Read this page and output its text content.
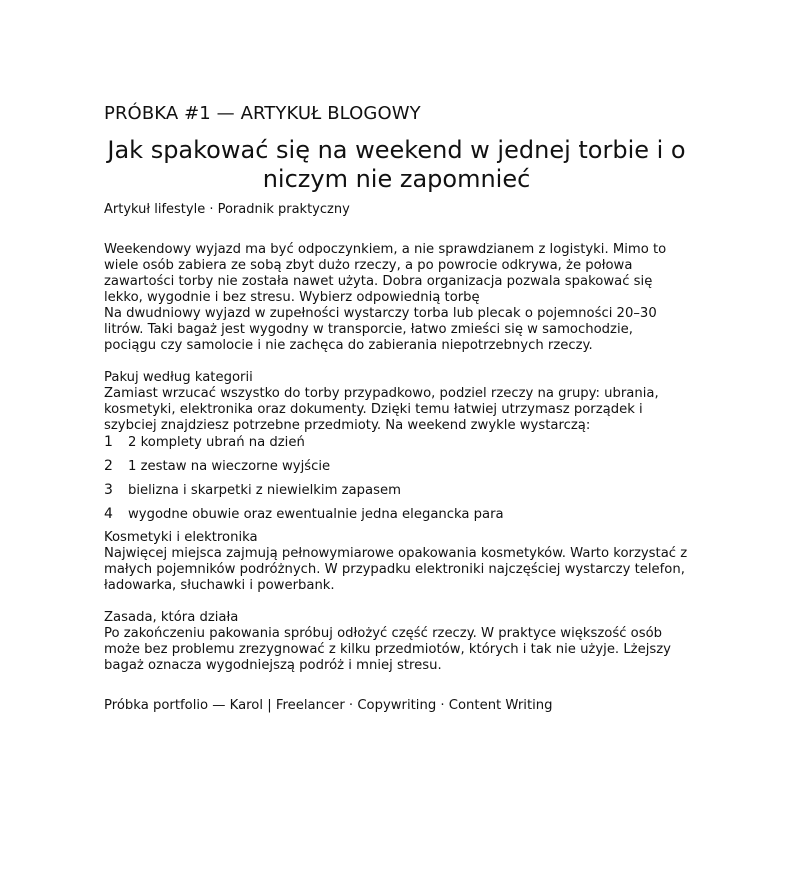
PRÓBKA #1 — ARTYKUŁ BLOGOWY
Jak spakować się na weekend w jednej torbie i o niczym nie zapomnieć
Artykuł lifestyle · Poradnik praktyczny

Weekendowy wyjazd ma być odpoczynkiem, a nie sprawdzianem z logistyki. Mimo to wiele osób zabiera ze sobą zbyt dużo rzeczy, a po powrocie odkrywa, że połowa zawartości torby nie została nawet użyta. Dobra organizacja pozwala spakować się lekko, wygodnie i bez stresu. Wybierz odpowiednią torbę

Na dwudniowy wyjazd w zupełności wystarczy torba lub plecak o pojemności 20–30 litrów. Taki bagaż jest wygodny w transporcie, łatwo zmieści się w samochodzie, pociągu czy samolocie i nie zachęca do zabierania niepotrzebnych rzeczy.

Pakuj według kategorii

Zamiast wrzucać wszystko do torby przypadkowo, podziel rzeczy na grupy: ubrania, kosmetyki, elektronika oraz dokumenty. Dzięki temu łatwiej utrzymasz porządek i szybciej znajdziesz potrzebne przedmioty. Na weekend zwykle wystarczą:

1	2 komplety ubrań na dzień
2	1 zestaw na wieczorne wyjście
3	bielizna i skarpetki z niewielkim zapasem
4	wygodne obuwie oraz ewentualnie jedna elegancka para

Kosmetyki i elektronika

Najwięcej miejsca zajmują pełnowymiarowe opakowania kosmetyków. Warto korzystać z małych pojemników podróżnych. W przypadku elektroniki najczęściej wystarczy telefon, ładowarka, słuchawki i powerbank.

Zasada, która działa

Po zakończeniu pakowania spróbuj odłożyć część rzeczy. W praktyce większość osób może bez problemu zrezygnować z kilku przedmiotów, których i tak nie użyje. Lżejszy bagaż oznacza wygodniejszą podróż i mniej stresu.

Próbka portfolio — Karol | Freelancer · Copywriting · Content Writing
